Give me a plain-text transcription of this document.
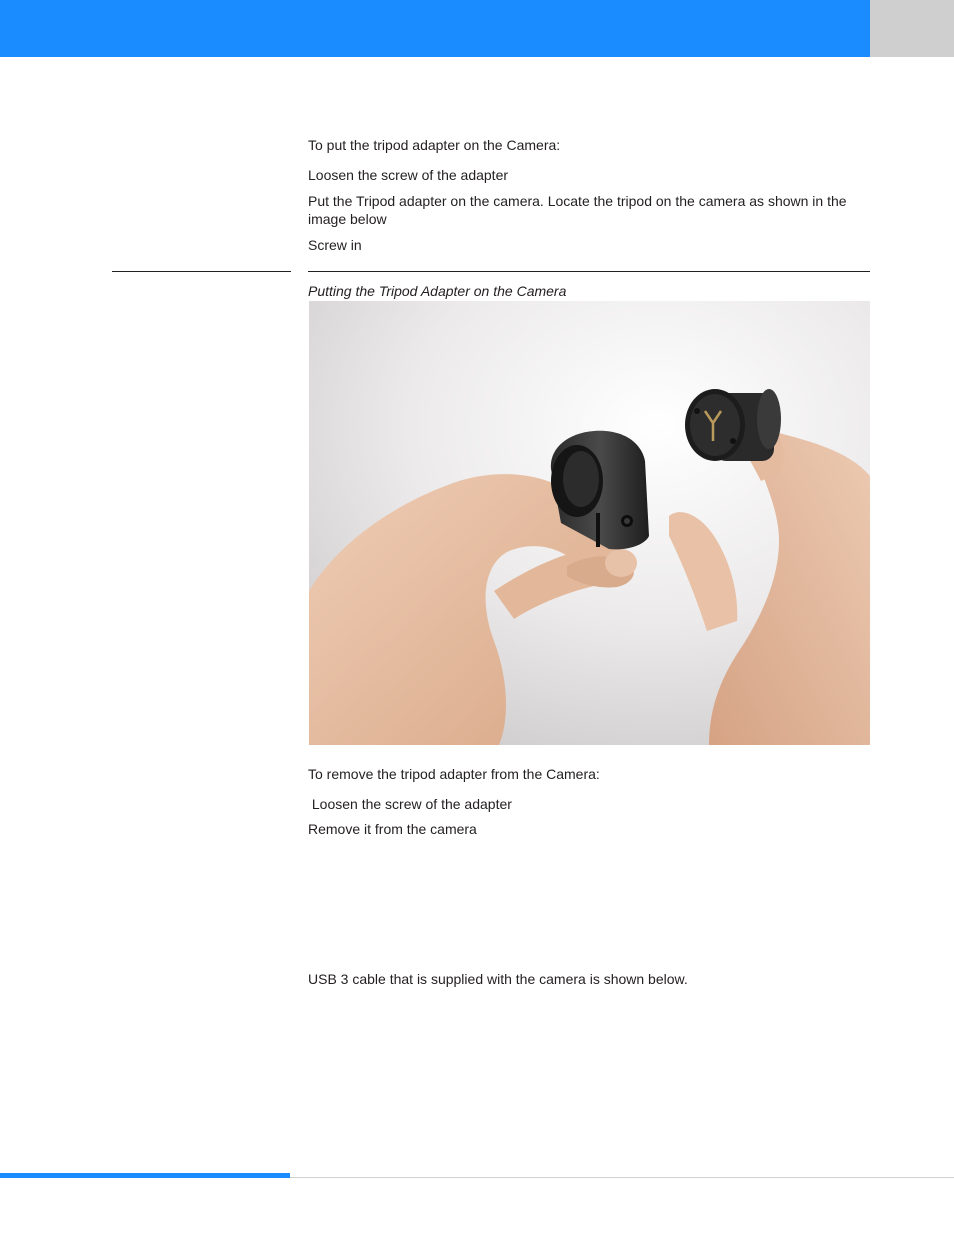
To put the tripod adapter on the Camera:

Loosen the screw of the adapter

Put the Tripod adapter on the camera. Locate the tripod on the camera as shown in the image below

Screw in

Putting the Tripod Adapter on the Camera

To remove the tripod adapter from the Camera:

Loosen the screw of the adapter

Remove it from the camera

USB 3 cable that is supplied with the camera is shown below.
